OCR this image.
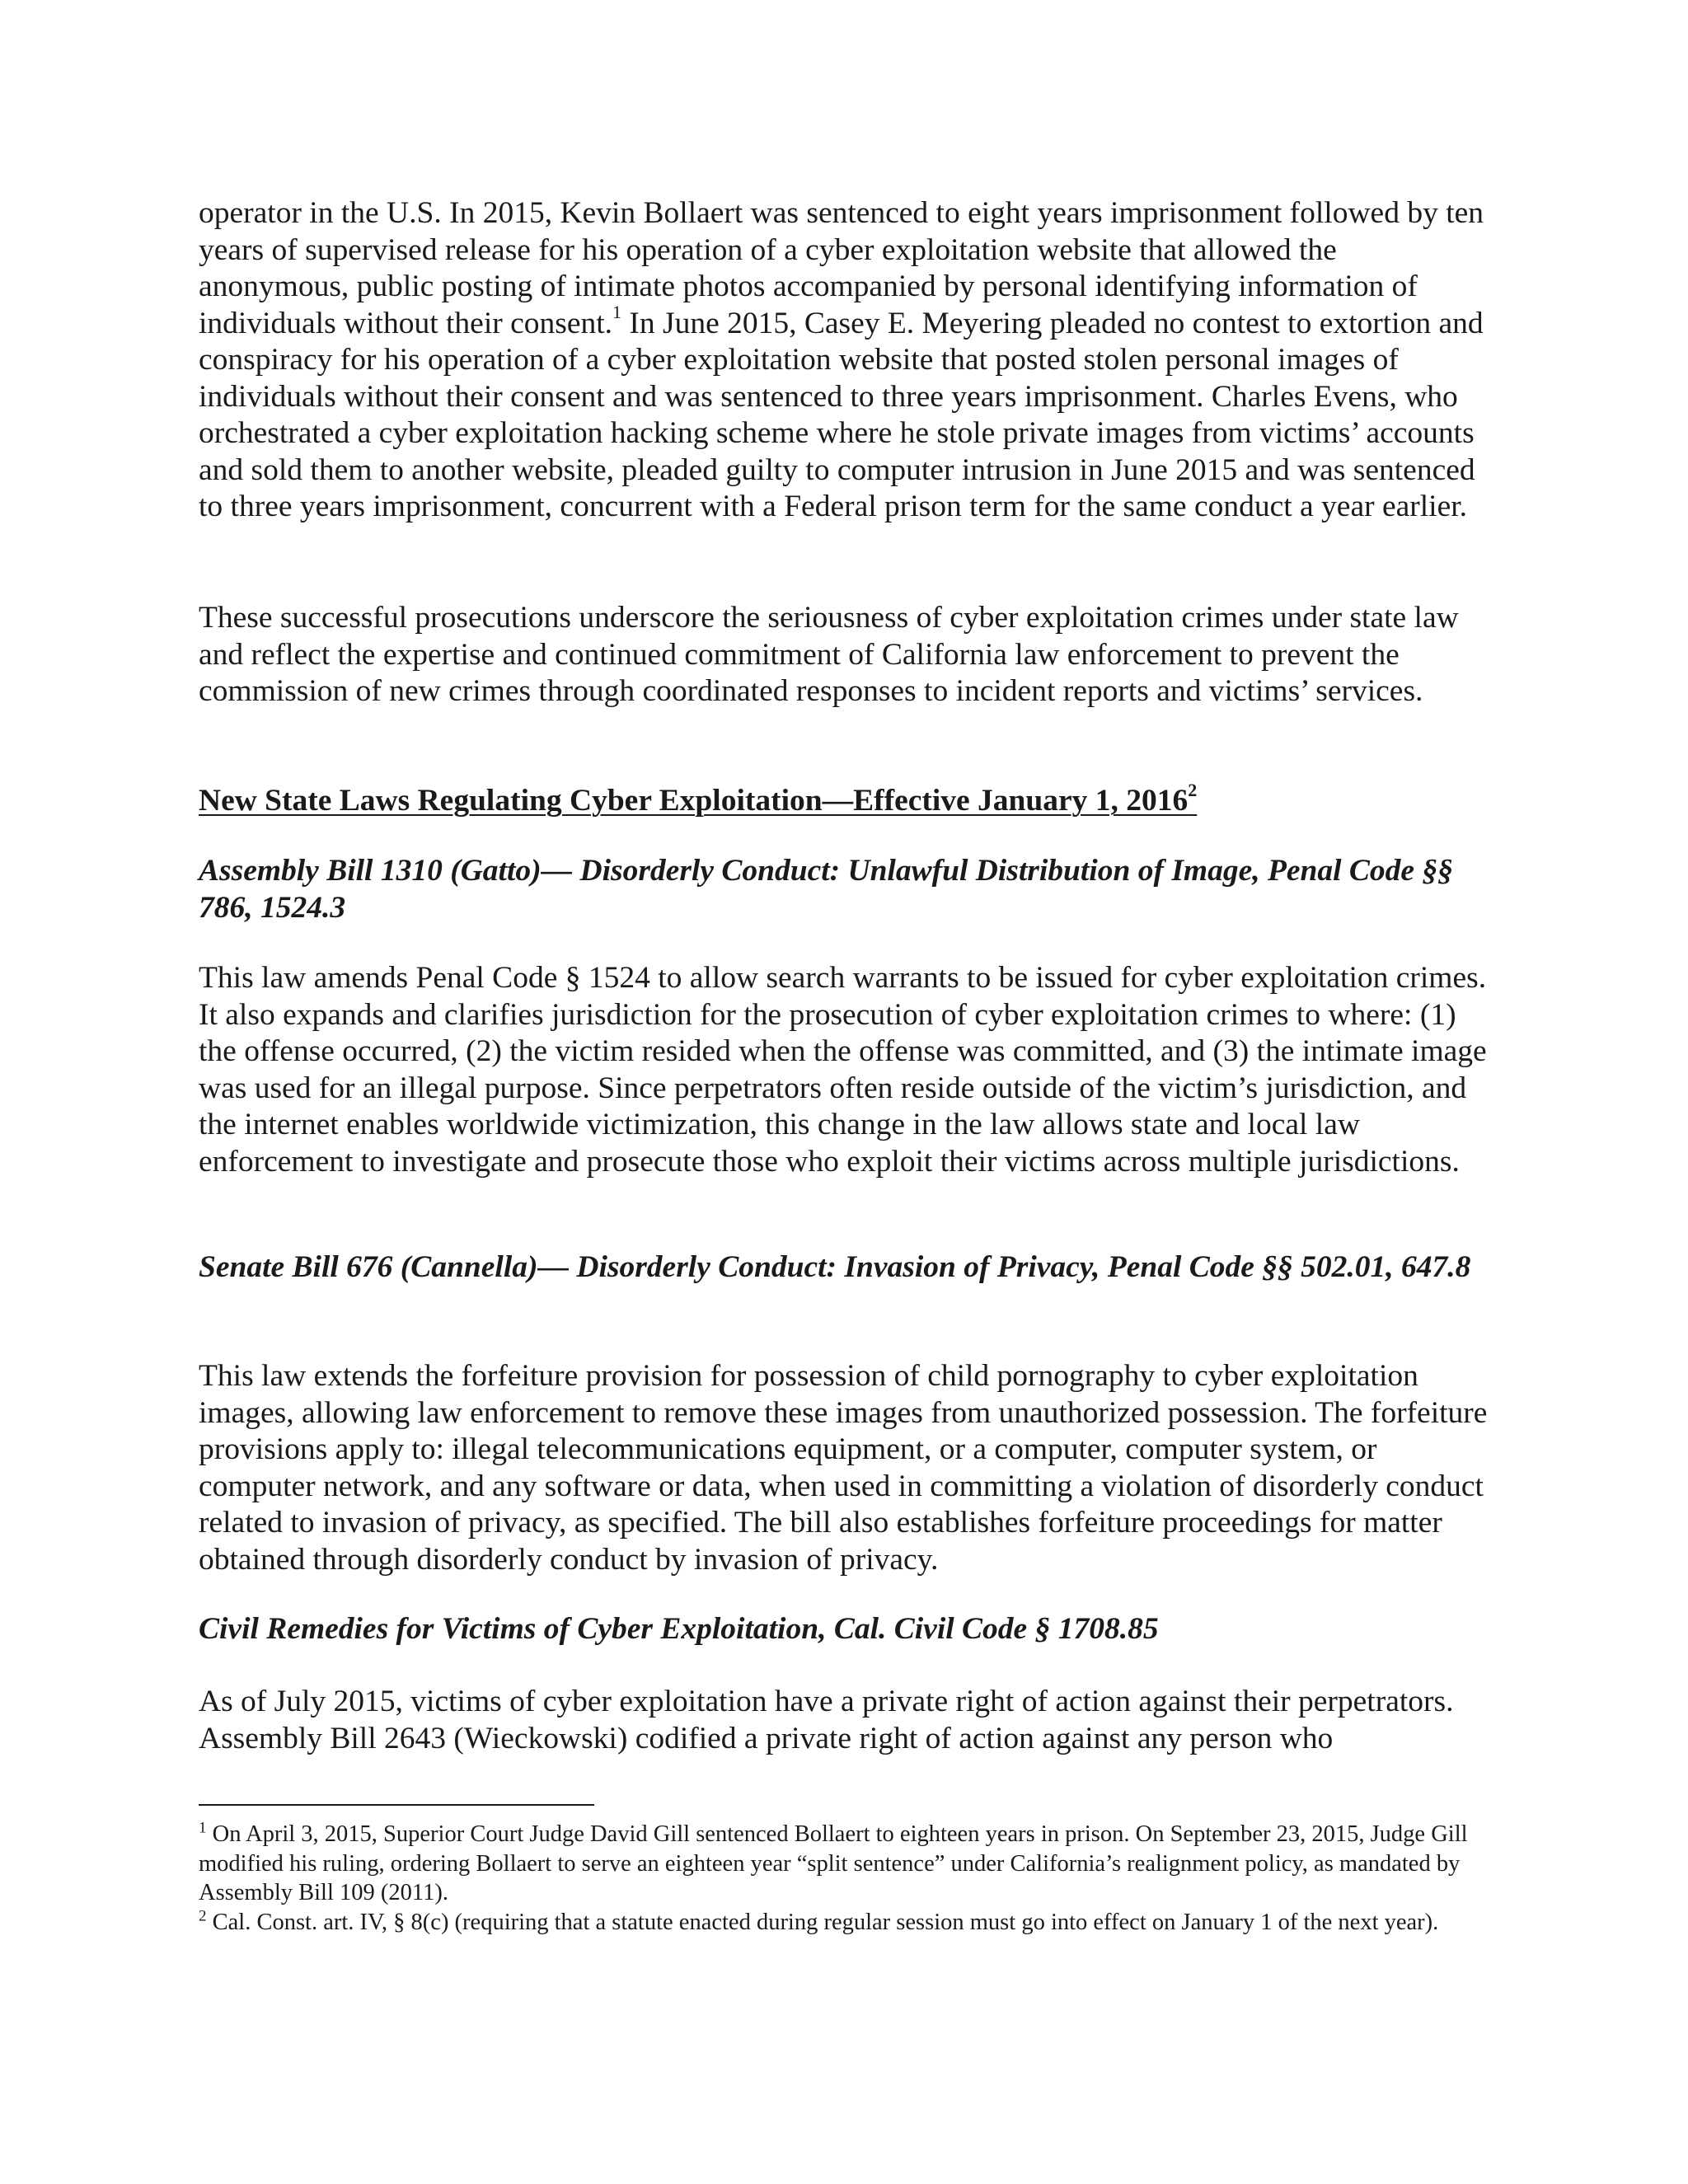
operator in the U.S. In 2015, Kevin Bollaert was sentenced to eight years imprisonment followed by ten years of supervised release for his operation of a cyber exploitation website that allowed the anonymous, public posting of intimate photos accompanied by personal identifying information of individuals without their consent.$^1$ In June 2015, Casey E. Meyering pleaded no contest to extortion and conspiracy for his operation of a cyber exploitation website that posted stolen personal images of individuals without their consent and was sentenced to three years imprisonment. Charles Evens, who orchestrated a cyber exploitation hacking scheme where he stole private images from victims’ accounts and sold them to another website, pleaded guilty to computer intrusion in June 2015 and was sentenced to three years imprisonment, concurrent with a Federal prison term for the same conduct a year earlier.

These successful prosecutions underscore the seriousness of cyber exploitation crimes under state law and reflect the expertise and continued commitment of California law enforcement to prevent the commission of new crimes through coordinated responses to incident reports and victims’ services.

New State Laws Regulating Cyber Exploitation—Effective January 1, 2016$^2$

Assembly Bill 1310 (Gatto)— Disorderly Conduct: Unlawful Distribution of Image, Penal Code §§ 786, 1524.3

This law amends Penal Code § 1524 to allow search warrants to be issued for cyber exploitation crimes. It also expands and clarifies jurisdiction for the prosecution of cyber exploitation crimes to where: (1) the offense occurred, (2) the victim resided when the offense was committed, and (3) the intimate image was used for an illegal purpose. Since perpetrators often reside outside of the victim’s jurisdiction, and the internet enables worldwide victimization, this change in the law allows state and local law enforcement to investigate and prosecute those who exploit their victims across multiple jurisdictions.

Senate Bill 676 (Cannella)— Disorderly Conduct: Invasion of Privacy, Penal Code §§ 502.01, 647.8

This law extends the forfeiture provision for possession of child pornography to cyber exploitation images, allowing law enforcement to remove these images from unauthorized possession. The forfeiture provisions apply to: illegal telecommunications equipment, or a computer, computer system, or computer network, and any software or data, when used in committing a violation of disorderly conduct related to invasion of privacy, as specified. The bill also establishes forfeiture proceedings for matter obtained through disorderly conduct by invasion of privacy.

Civil Remedies for Victims of Cyber Exploitation, Cal. Civil Code § 1708.85

As of July 2015, victims of cyber exploitation have a private right of action against their perpetrators. Assembly Bill 2643 (Wieckowski) codified a private right of action against any person who

$^1$ On April 3, 2015, Superior Court Judge David Gill sentenced Bollaert to eighteen years in prison. On September 23, 2015, Judge Gill modified his ruling, ordering Bollaert to serve an eighteen year “split sentence” under California’s realignment policy, as mandated by Assembly Bill 109 (2011).
$^2$ Cal. Const. art. IV, § 8(c) (requiring that a statute enacted during regular session must go into effect on January 1 of the next year).
